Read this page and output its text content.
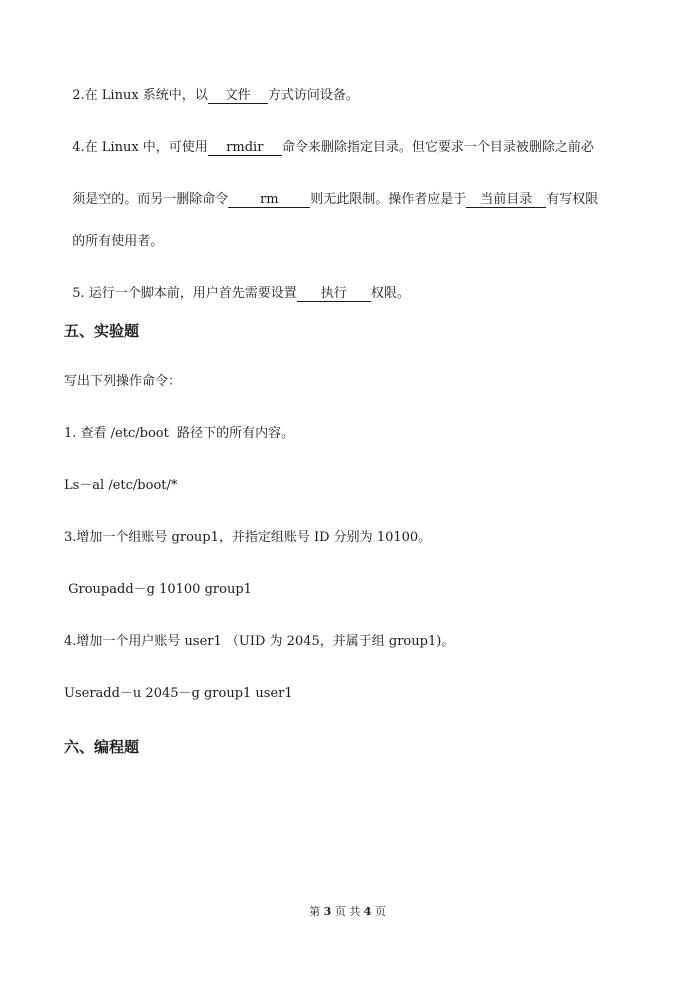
2.在 Linux 系统中，以 文件 方式访问设备。

4.在 Linux 中，可使用 rmdir 命令来删除指定目录。但它要求一个目录被删除之前必

须是空的。而另一删除命令 rm 则无此限制。操作者应是于 当前目录 有写权限

的所有使用者。

5. 运行一个脚本前，用户首先需要设置 执行 权限。

五、实验题
写出下列操作命令：
1. 查看 /etc/boot  路径下的所有内容。
Ls－al /etc/boot/*
3.增加一个组账号 group1，并指定组账号 ID 分别为 10100。
Groupadd－g 10100 group1
4.增加一个用户账号 user1 （UID 为 2045，并属于组 group1)。
Useradd－u 2045－g group1 user1
六、编程题
第 3 页 共 4 页
